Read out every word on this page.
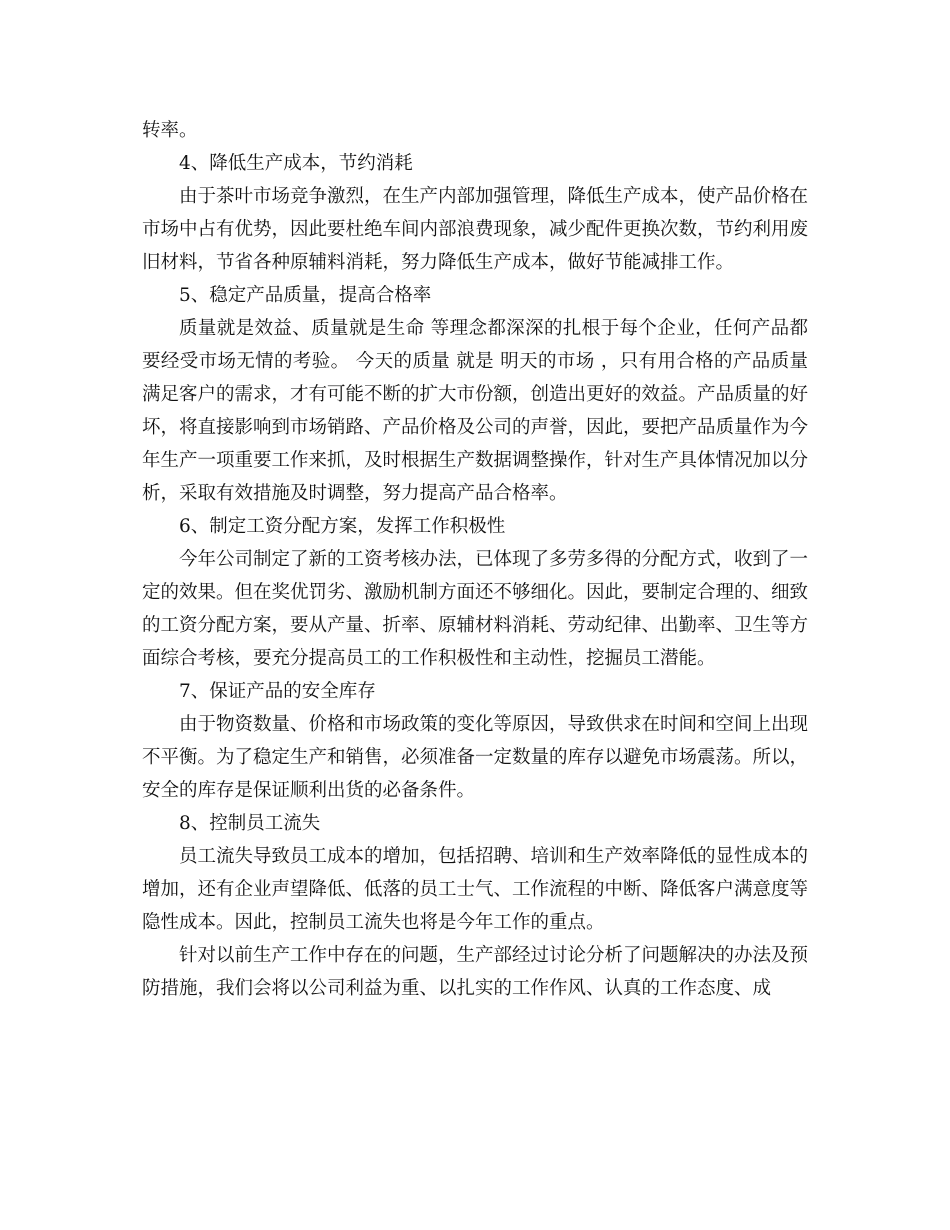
转率。

4、降低生产成本，节约消耗

由于茶叶市场竞争激烈，在生产内部加强管理，降低生产成本，使产品价格在市场中占有优势，因此要杜绝车间内部浪费现象，减少配件更换次数，节约利用废旧材料，节省各种原辅料消耗，努力降低生产成本，做好节能减排工作。

5、稳定产品质量，提高合格率

质量就是效益、质量就是生命 等理念都深深的扎根于每个企业，任何产品都要经受市场无情的考验。 今天的质量 就是 明天的市场 ，只有用合格的产品质量满足客户的需求，才有可能不断的扩大市份额，创造出更好的效益。产品质量的好坏，将直接影响到市场销路、产品价格及公司的声誉，因此，要把产品质量作为今年生产一项重要工作来抓，及时根据生产数据调整操作，针对生产具体情况加以分析，采取有效措施及时调整，努力提高产品合格率。

6、制定工资分配方案，发挥工作积极性

今年公司制定了新的工资考核办法，已体现了多劳多得的分配方式，收到了一定的效果。但在奖优罚劣、激励机制方面还不够细化。因此，要制定合理的、细致的工资分配方案，要从产量、折率、原辅材料消耗、劳动纪律、出勤率、卫生等方面综合考核，要充分提高员工的工作积极性和主动性，挖掘员工潜能。

7、保证产品的安全库存

由于物资数量、价格和市场政策的变化等原因，导致供求在时间和空间上出现不平衡。为了稳定生产和销售，必须准备一定数量的库存以避免市场震荡。所以，安全的库存是保证顺利出货的必备条件。

8、控制员工流失

员工流失导致员工成本的增加，包括招聘、培训和生产效率降低的显性成本的增加，还有企业声望降低、低落的员工士气、工作流程的中断、降低客户满意度等隐性成本。因此，控制员工流失也将是今年工作的重点。

针对以前生产工作中存在的问题，生产部经过讨论分析了问题解决的办法及预防措施，我们会将以公司利益为重、以扎实的工作作风、认真的工作态度、成
